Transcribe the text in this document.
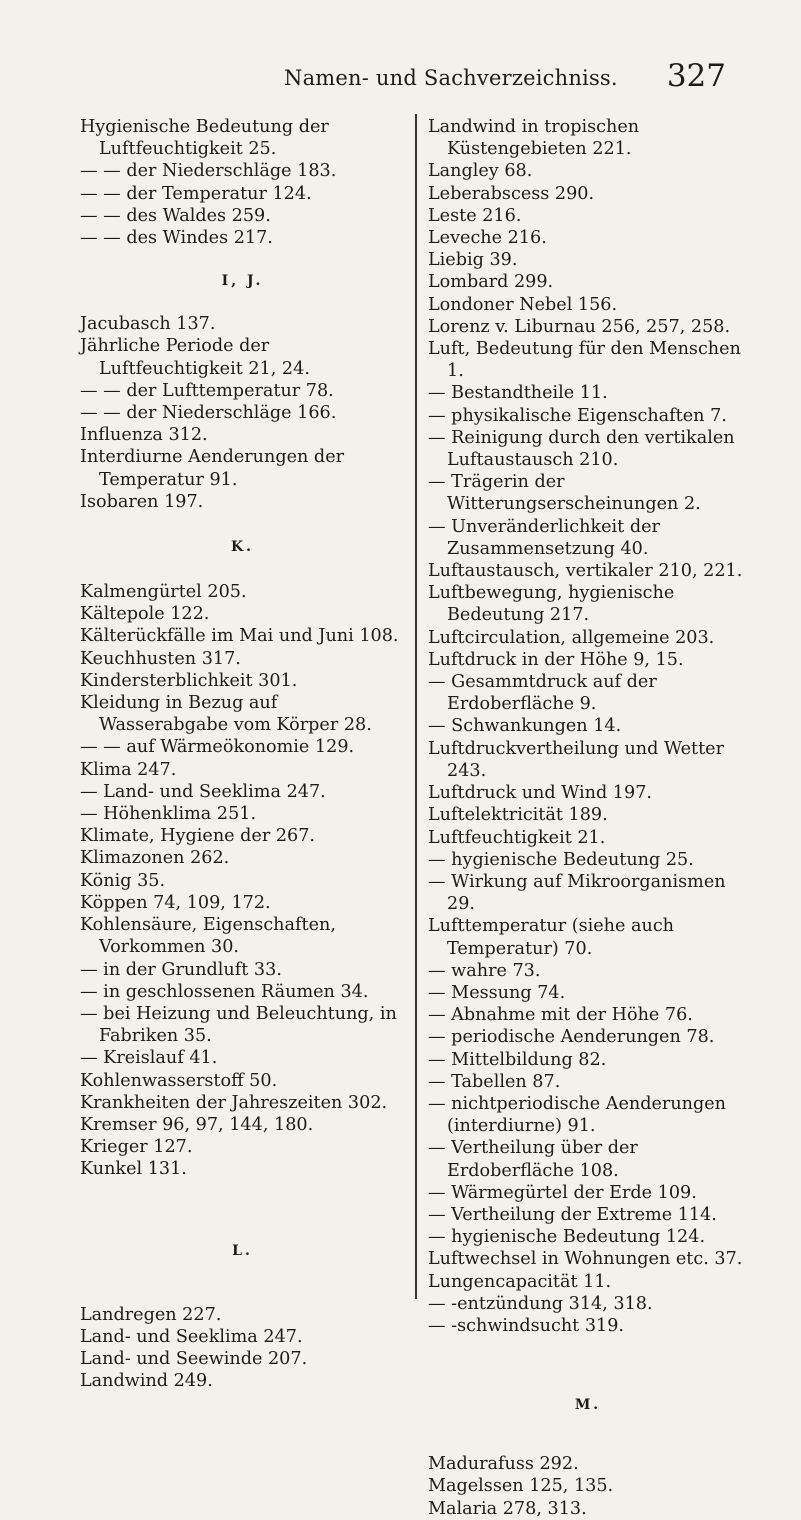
Namen- und Sachverzeichniss. 327
Hygienische Bedeutung der Luftfeuchtigkeit 25.
— — der Niederschläge 183.
— — der Temperatur 124.
— — des Waldes 259.
— — des Windes 217.
I, J.
Jacubasch 137.
Jährliche Periode der Luftfeuchtigkeit 21, 24.
— — der Lufttemperatur 78.
— — der Niederschläge 166.
Influenza 312.
Interdiurne Aenderungen der Temperatur 91.
Isobaren 197.
K.
Kalmengürtel 205.
Kältepole 122.
Kälterückfälle im Mai und Juni 108.
Keuchhusten 317.
Kindersterblichkeit 301.
Kleidung in Bezug auf Wasserabgabe vom Körper 28.
— — auf Wärmeökonomie 129.
Klima 247.
— Land- und Seeklima 247.
— Höhenklima 251.
Klimate, Hygiene der 267.
Klimazonen 262.
König 35.
Köppen 74, 109, 172.
Kohlensäure, Eigenschaften, Vorkommen 30.
— in der Grundluft 33.
— in geschlossenen Räumen 34.
— bei Heizung und Beleuchtung, in Fabriken 35.
— Kreislauf 41.
Kohlenwasserstoff 50.
Krankheiten der Jahreszeiten 302.
Kremser 96, 97, 144, 180.
Krieger 127.
Kunkel 131.
L.
Landregen 227.
Land- und Seeklima 247.
Land- und Seewinde 207.
Landwind 249.
Landwind in tropischen Küstengebieten 221.
Langley 68.
Leberabscess 290.
Leste 216.
Leveche 216.
Liebig 39.
Lombard 299.
Londoner Nebel 156.
Lorenz v. Liburnau 256, 257, 258.
Luft, Bedeutung für den Menschen 1.
— Bestandtheile 11.
— physikalische Eigenschaften 7.
— Reinigung durch den vertikalen Luftaustausch 210.
— Trägerin der Witterungserscheinungen 2.
— Unveränderlichkeit der Zusammensetzung 40.
Luftaustausch, vertikaler 210, 221.
Luftbewegung, hygienische Bedeutung 217.
Luftcirculation, allgemeine 203.
Luftdruck in der Höhe 9, 15.
— Gesammtdruck auf der Erdoberfläche 9.
— Schwankungen 14.
Luftdruckvertheilung und Wetter 243.
Luftdruck und Wind 197.
Luftelektricität 189.
Luftfeuchtigkeit 21.
— hygienische Bedeutung 25.
— Wirkung auf Mikroorganismen 29.
Lufttemperatur (siehe auch Temperatur) 70.
— wahre 73.
— Messung 74.
— Abnahme mit der Höhe 76.
— periodische Aenderungen 78.
— Mittelbildung 82.
— Tabellen 87.
— nichtperiodische Aenderungen (interdiurne) 91.
— Vertheilung über der Erdoberfläche 108.
— Wärmegürtel der Erde 109.
— Vertheilung der Extreme 114.
— hygienische Bedeutung 124.
Luftwechsel in Wohnungen etc. 37.
Lungencapacität 11.
— -entzündung 314, 318.
— -schwindsucht 319.
M.
Madurafuss 292.
Magelssen 125, 135.
Malaria 278, 313.
